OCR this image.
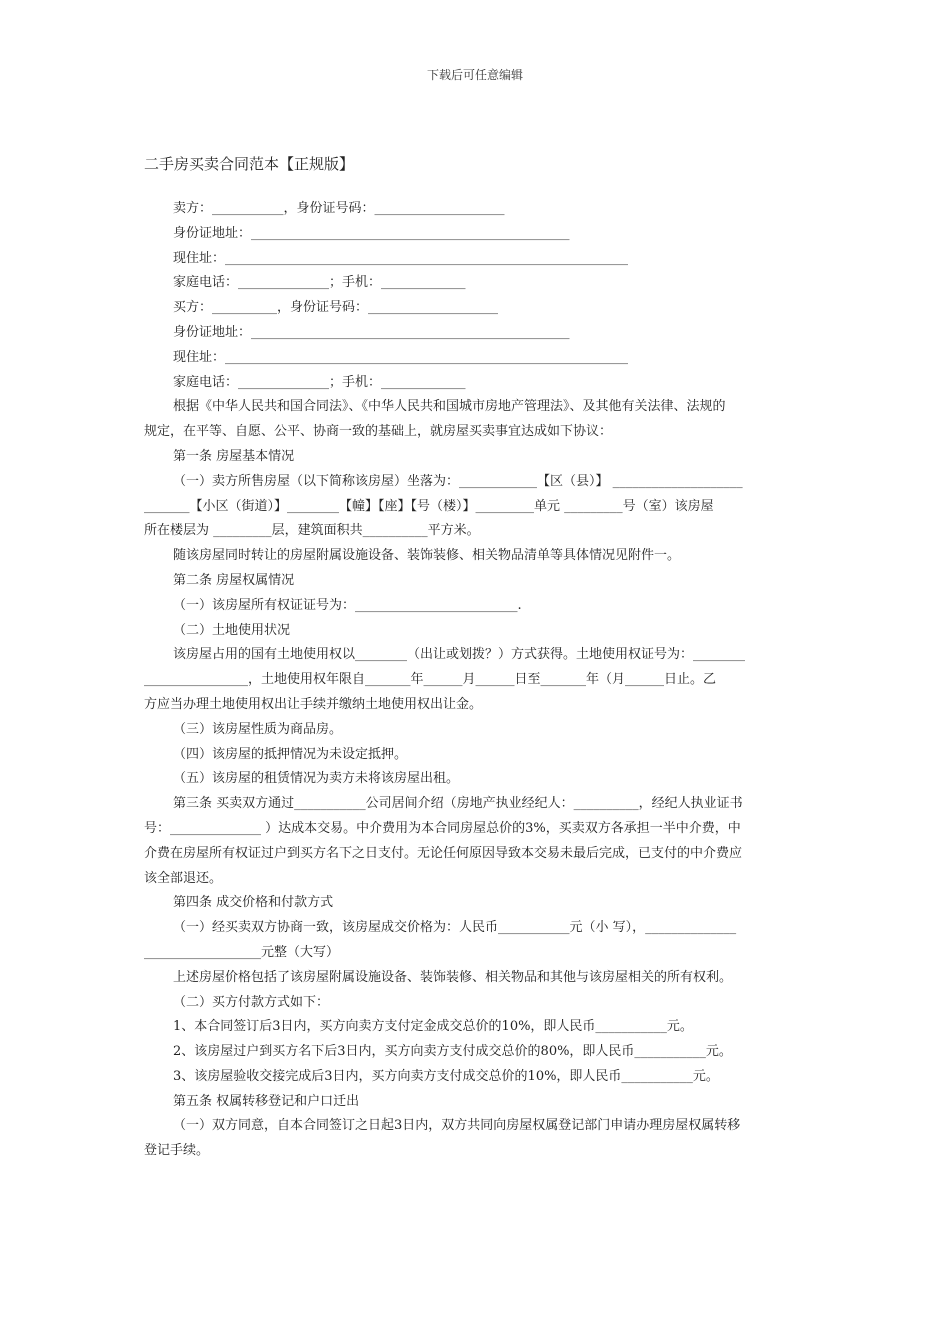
下载后可任意编辑
二手房买卖合同范本【正规版】
卖方：___________，身份证号码：____________________
身份证地址：_________________________________________________
现住址：______________________________________________________________
家庭电话：______________；手机：_____________
买方：__________，身份证号码：____________________
身份证地址：_________________________________________________
现住址：______________________________________________________________
家庭电话：______________；手机：_____________
根据《中华人民共和国合同法》、《中华人民共和国城市房地产管理法》、及其他有关法律、法规的
规定，在平等、自愿、公平、协商一致的基础上，就房屋买卖事宜达成如下协议：
第一条 房屋基本情况
（一）卖方所售房屋（以下简称该房屋）坐落为：____________【区（县）】 ____________________
_______【小区（街道）】________【幢】【座】【号（楼）】_________单元 _________号（室）该房屋
所在楼层为 _________层，建筑面积共__________平方米。
随该房屋同时转让的房屋附属设施设备、装饰装修、相关物品清单等具体情况见附件一。
第二条 房屋权属情况
（一）该房屋所有权证证号为：_________________________.
（二）土地使用状况
该房屋占用的国有土地使用权以________（出让或划拨？）方式获得。土地使用权证号为：________
________________，土地使用权年限自_______年______月______日至_______年（月______日止。乙
方应当办理土地使用权出让手续并缴纳土地使用权出让金。
（三）该房屋性质为商品房。
（四）该房屋的抵押情况为未设定抵押。
（五）该房屋的租赁情况为卖方未将该房屋出租。
第三条 买卖双方通过___________公司居间介绍（房地产执业经纪人：__________，经纪人执业证书
号：______________ ）达成本交易。中介费用为本合同房屋总价的3%，买卖双方各承担一半中介费，中
介费在房屋所有权证过户到买方名下之日支付。无论任何原因导致本交易未最后完成，已支付的中介费应
该全部退还。
第四条 成交价格和付款方式
（一）经买卖双方协商一致，该房屋成交价格为：人民币___________元（小 写），______________
__________________元整（大写）
上述房屋价格包括了该房屋附属设施设备、装饰装修、相关物品和其他与该房屋相关的所有权利。
（二）买方付款方式如下：
1、本合同签订后3日内，买方向卖方支付定金成交总价的10%，即人民币___________元。
2、该房屋过户到买方名下后3日内，买方向卖方支付成交总价的80%，即人民币___________元。
3、该房屋验收交接完成后3日内，买方向卖方支付成交总价的10%，即人民币___________元。
第五条 权属转移登记和户口迁出
（一）双方同意，自本合同签订之日起3日内，双方共同向房屋权属登记部门申请办理房屋权属转移
登记手续。
